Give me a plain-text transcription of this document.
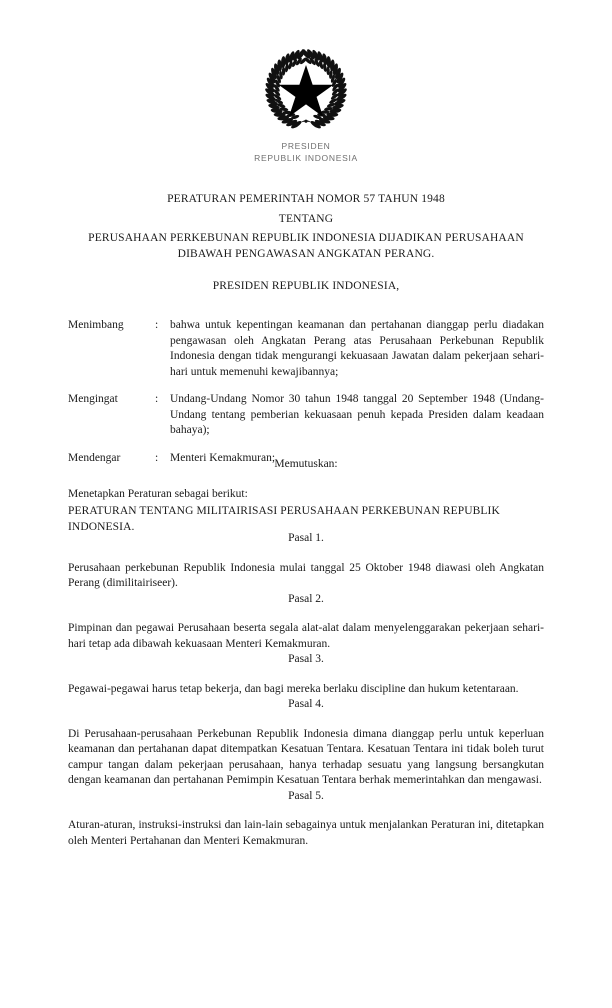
PRESIDEN
REPUBLIK INDONESIA
PERATURAN PEMERINTAH NOMOR 57 TAHUN 1948
TENTANG
PERUSAHAAN PERKEBUNAN REPUBLIK INDONESIA DIJADIKAN PERUSAHAAN DIBAWAH PENGAWASAN ANGKATAN PERANG.
PRESIDEN REPUBLIK INDONESIA,
Menimbang	:	bahwa untuk kepentingan keamanan dan pertahanan dianggap perlu diadakan pengawasan oleh Angkatan Perang atas Perusahaan Perkebunan Republik Indonesia dengan tidak mengurangi kekuasaan Jawatan dalam pekerjaan sehari-hari untuk memenuhi kewajibannya;
Mengingat	:	Undang-Undang Nomor 30 tahun 1948 tanggal 20 September 1948 (Undang-Undang tentang pemberian kekuasaan penuh kepada Presiden dalam keadaan bahaya);
Mendengar	:	Menteri Kemakmuran;
Memutuskan:
Menetapkan Peraturan sebagai berikut:
PERATURAN TENTANG MILITAIRISASI PERUSAHAAN PERKEBUNAN REPUBLIK INDONESIA.
Pasal 1.
Perusahaan perkebunan Republik Indonesia mulai tanggal 25 Oktober 1948 diawasi oleh Angkatan Perang (dimilitairiseer).
Pasal 2.
Pimpinan dan pegawai Perusahaan beserta segala alat-alat dalam menyelenggarakan pekerjaan sehari-hari tetap ada dibawah kekuasaan Menteri Kemakmuran.
Pasal 3.
Pegawai-pegawai harus tetap bekerja, dan bagi mereka berlaku discipline dan hukum ketentaraan.
Pasal 4.
Di Perusahaan-perusahaan Perkebunan Republik Indonesia dimana dianggap perlu untuk keperluan keamanan dan pertahanan dapat ditempatkan Kesatuan Tentara. Kesatuan Tentara ini tidak boleh turut campur tangan dalam pekerjaan perusahaan, hanya terhadap sesuatu yang langsung bersangkutan dengan keamanan dan pertahanan Pemimpin Kesatuan Tentara berhak memerintahkan dan mengawasi.
Pasal 5.
Aturan-aturan, instruksi-instruksi dan lain-lain sebagainya untuk menjalankan Peraturan ini, ditetapkan oleh Menteri Pertahanan dan Menteri Kemakmuran.
